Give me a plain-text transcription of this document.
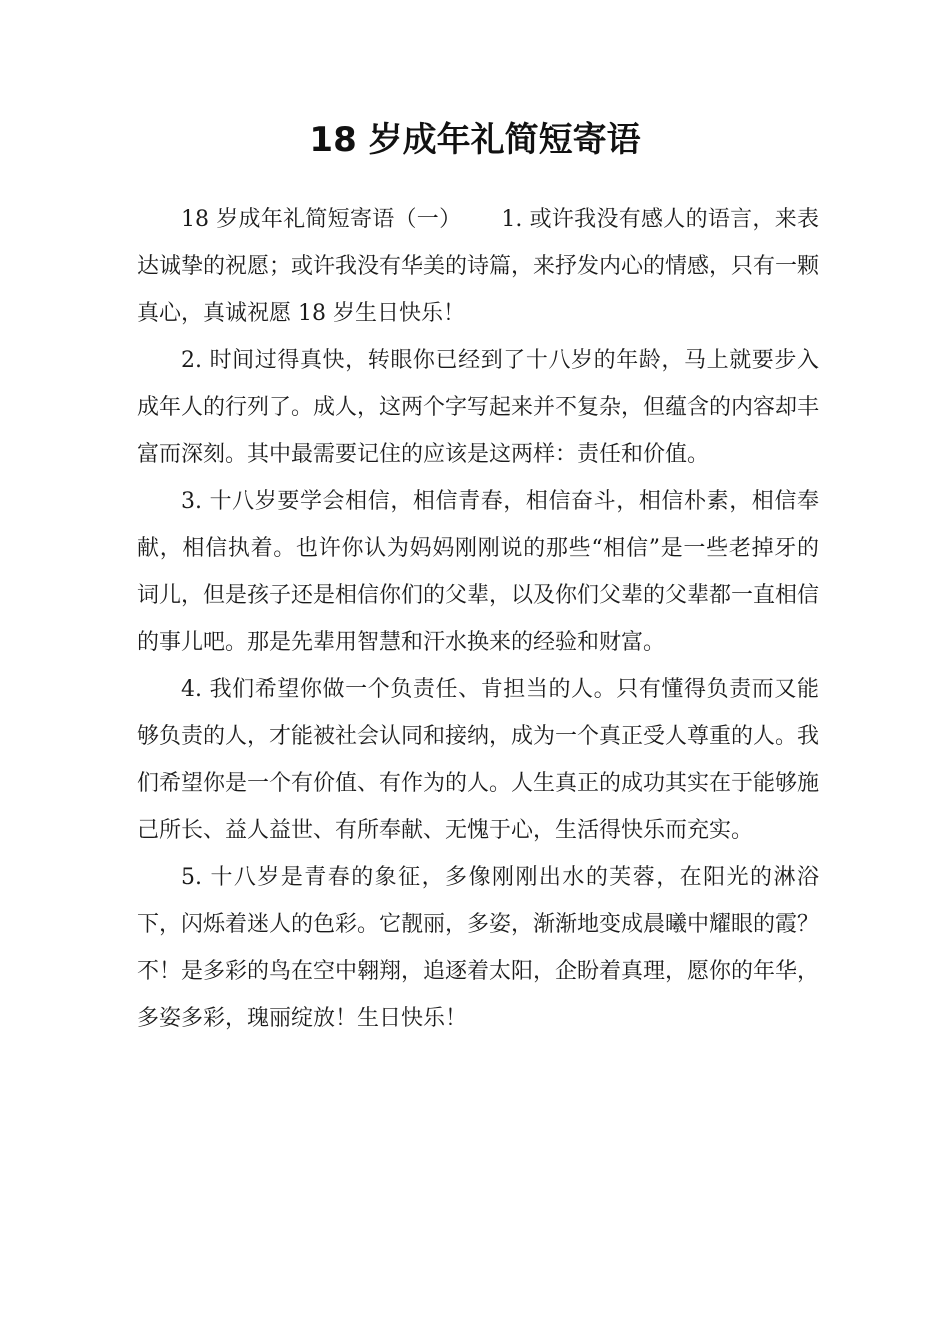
18 岁成年礼简短寄语

18 岁成年礼简短寄语（一） 1. 或许我没有感人的语言，来表达诚挚的祝愿；或许我没有华美的诗篇，来抒发内心的情感，只有一颗真心，真诚祝愿 18 岁生日快乐！

2. 时间过得真快，转眼你已经到了十八岁的年龄，马上就要步入成年人的行列了。成人，这两个字写起来并不复杂，但蕴含的内容却丰富而深刻。其中最需要记住的应该是这两样：责任和价值。

3. 十八岁要学会相信，相信青春，相信奋斗，相信朴素，相信奉献，相信执着。也许你认为妈妈刚刚说的那些“相信”是一些老掉牙的词儿，但是孩子还是相信你们的父辈，以及你们父辈的父辈都一直相信的事儿吧。那是先辈用智慧和汗水换来的经验和财富。

4. 我们希望你做一个负责任、肯担当的人。只有懂得负责而又能够负责的人，才能被社会认同和接纳，成为一个真正受人尊重的人。我们希望你是一个有价值、有作为的人。人生真正的成功其实在于能够施己所长、益人益世、有所奉献、无愧于心，生活得快乐而充实。

5. 十八岁是青春的象征，多像刚刚出水的芙蓉，在阳光的淋浴下，闪烁着迷人的色彩。它靓丽，多姿，渐渐地变成晨曦中耀眼的霞？不！是多彩的鸟在空中翱翔，追逐着太阳，企盼着真理，愿你的年华，多姿多彩，瑰丽绽放！生日快乐！
